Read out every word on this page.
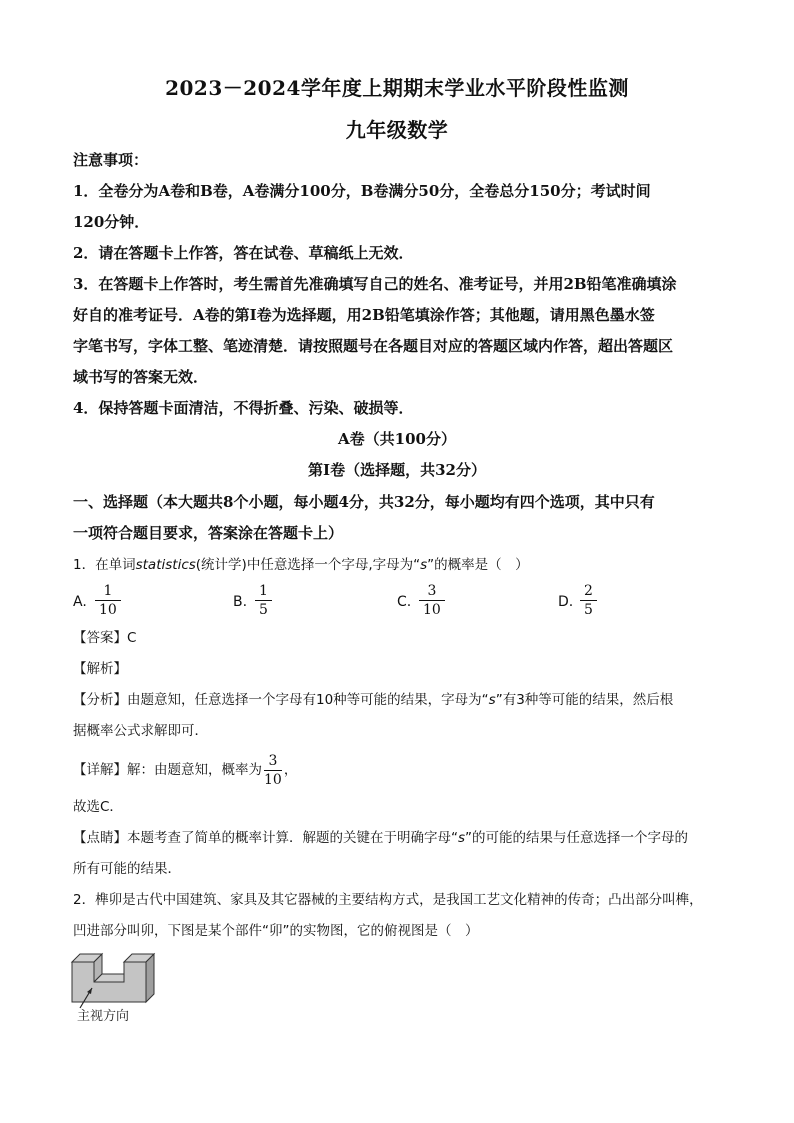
2023－2024学年度上期期末学业水平阶段性监测
九年级数学
注意事项：
1．全卷分为A卷和B卷，A卷满分100分，B卷满分50分，全卷总分150分；考试时间
120分钟．
2．请在答题卡上作答，答在试卷、草稿纸上无效．
3．在答题卡上作答时，考生需首先准确填写自己的姓名、准考证号，并用2B铅笔准确填涂
好自的准考证号．A卷的第Ⅰ卷为选择题，用2B铅笔填涂作答；其他题，请用黑色墨水签
字笔书写，字体工整、笔迹清楚．请按照题号在各题目对应的答题区域内作答，超出答题区
域书写的答案无效．
4．保持答题卡面清洁，不得折叠、污染、破损等．
A卷（共100分）
第Ⅰ卷（选择题，共32分）
一、选择题（本大题共8个小题，每小题4分，共32分，每小题均有四个选项，其中只有
一项符合题目要求，答案涂在答题卡上）
1．在单词statistics(统计学)中任意选择一个字母,字母为“s”的概率是（　）
A.
1
10	B.
1
5	C.
3
10	D.
2
5
【答案】C
【解析】
【分析】由题意知，任意选择一个字母有10种等可能的结果，字母为“s”有3种等可能的结果，然后根
据概率公式求解即可．
【详解】解：由题意知，概率为 $\frac{3}{10}$ ，
故选C．
【点睛】本题考查了简单的概率计算．解题的关键在于明确字母“s”的可能的结果与任意选择一个字母的
所有可能的结果．
2．榫卯是古代中国建筑、家具及其它器械的主要结构方式，是我国工艺文化精神的传奇；凸出部分叫榫，
凹进部分叫卯，下图是某个部件“卯”的实物图，它的俯视图是（　）
主视方向
